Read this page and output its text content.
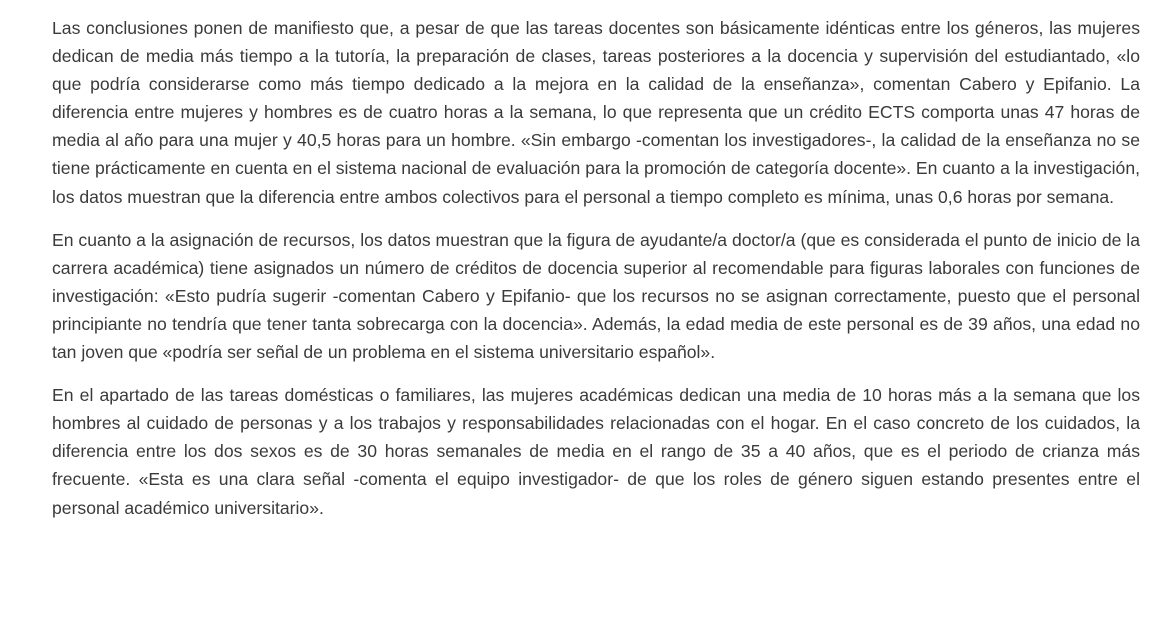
Las conclusiones ponen de manifiesto que, a pesar de que las tareas docentes son básicamente idénticas entre los géneros, las mujeres dedican de media más tiempo a la tutoría, la preparación de clases, tareas posteriores a la docencia y supervisión del estudiantado, «lo que podría considerarse como más tiempo dedicado a la mejora en la calidad de la enseñanza», comentan Cabero y Epifanio. La diferencia entre mujeres y hombres es de cuatro horas a la semana, lo que representa que un crédito ECTS comporta unas 47 horas de media al año para una mujer y 40,5 horas para un hombre. «Sin embargo -comentan los investigadores-, la calidad de la enseñanza no se tiene prácticamente en cuenta en el sistema nacional de evaluación para la promoción de categoría docente». En cuanto a la investigación, los datos muestran que la diferencia entre ambos colectivos para el personal a tiempo completo es mínima, unas 0,6 horas por semana.

En cuanto a la asignación de recursos, los datos muestran que la figura de ayudante/a doctor/a (que es considerada el punto de inicio de la carrera académica) tiene asignados un número de créditos de docencia superior al recomendable para figuras laborales con funciones de investigación: «Esto pudría sugerir -comentan Cabero y Epifanio- que los recursos no se asignan correctamente, puesto que el personal principiante no tendría que tener tanta sobrecarga con la docencia». Además, la edad media de este personal es de 39 años, una edad no tan joven que «podría ser señal de un problema en el sistema universitario español».

En el apartado de las tareas domésticas o familiares, las mujeres académicas dedican una media de 10 horas más a la semana que los hombres al cuidado de personas y a los trabajos y responsabilidades relacionadas con el hogar. En el caso concreto de los cuidados, la diferencia entre los dos sexos es de 30 horas semanales de media en el rango de 35 a 40 años, que es el periodo de crianza más frecuente. «Esta es una clara señal -comenta el equipo investigador- de que los roles de género siguen estando presentes entre el personal académico universitario».
